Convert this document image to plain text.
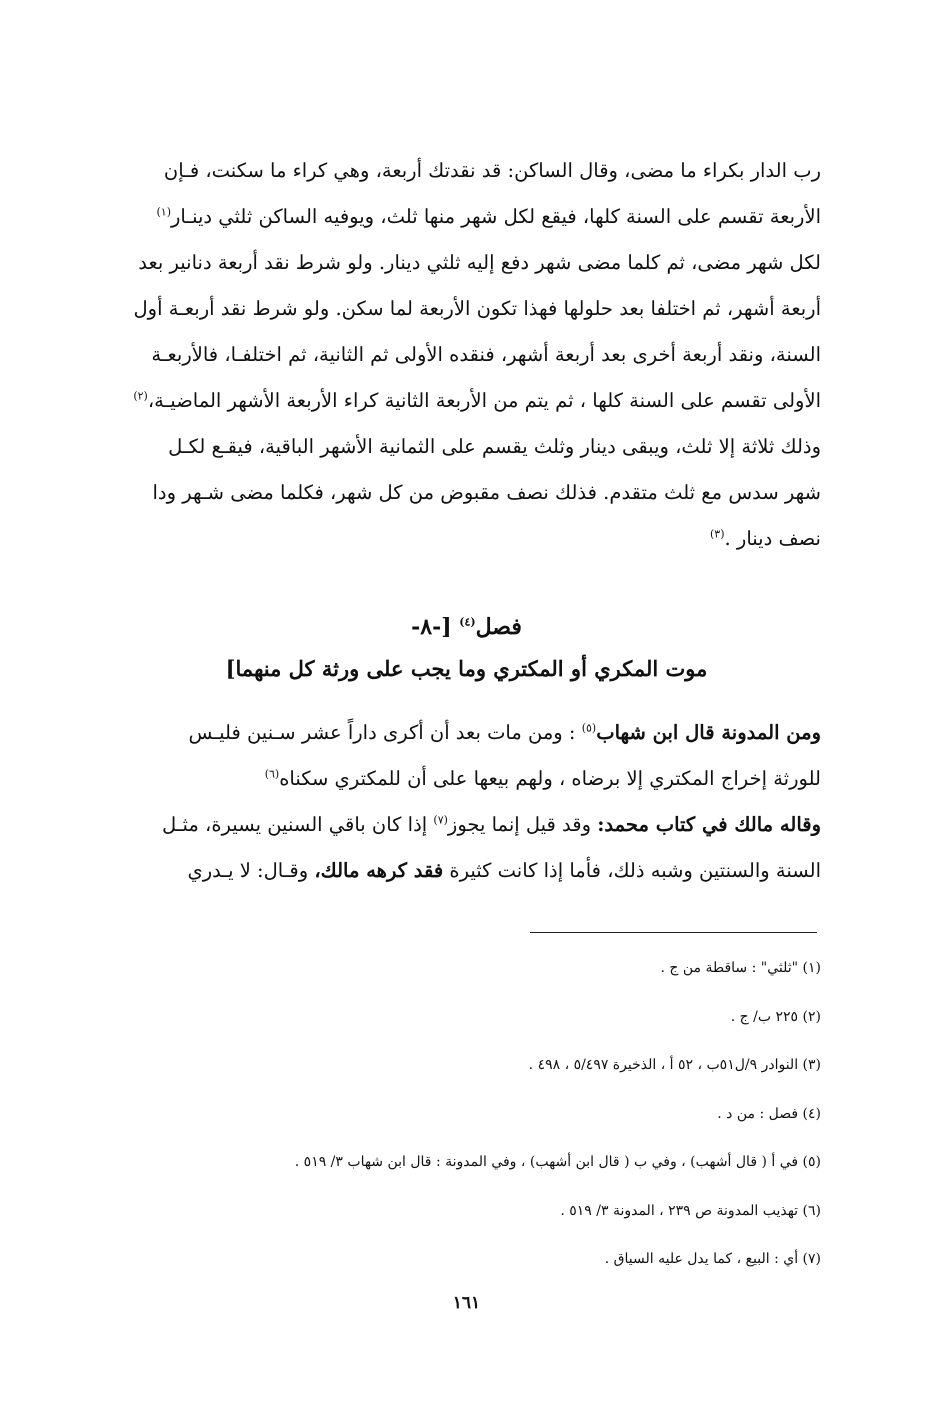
رب الدار بكراء ما مضى، وقال الساكن: قد نقدتك أربعة، وهي كراء ما سكنت، فـإن
الأربعة تقسم على السنة كلها، فيقع لكل شهر منها ثلث، ويوفيه الساكن ثلثي دينـار$^{(١)}$
لكل شهر مضى، ثم كلما مضى شهر دفع إليه ثلثي دينار. ولو شرط نقد أربعة دنانير بعد
أربعة أشهر، ثم اختلفا بعد حلولها فهذا تكون الأربعة لما سكن. ولو شرط نقد أربعـة أول
السنة، ونقد أربعة أخرى بعد أربعة أشهر، فنقده الأولى ثم الثانية، ثم اختلفـا، فالأربعـة
الأولى تقسم على السنة كلها ، ثم يتم من الأربعة الثانية كراء الأربعة الأشهر الماضيـة،$^{(٢)}$
وذلك ثلاثة إلا ثلث، ويبقى دينار وثلث يقسم على الثمانية الأشهر الباقية، فيقـع لكـل
شهر سدس مع ثلث متقدم. فذلك نصف مقبوض من كل شهر، فكلما مضى شـهر ودا
نصف دينار .$^{(٣)}$
فصل$^{(٤)}$ [-٨-
موت المكري أو المكتري وما يجب على ورثة كل منهما]
ومن المدونة قال ابن شهاب$^{(٥)}$ : ومن مات بعد أن أكرى داراً عشر سـنين فليـس
للورثة إخراج المكتري إلا برضاه ، ولهم بيعها على أن للمكتري سكناه$^{(٦)}$
وقاله مالك في كتاب محمد: وقد قيل إنما يجوز$^{(٧)}$ إذا كان باقي السنين يسيرة، مثـل
السنة والسنتين وشبه ذلك، فأما إذا كانت كثيرة فقد كرهه مالك، وقـال: لا يـدري
(١) "ثلثي" : ساقطة من ج .
(٢) ٢٢٥ ب/ ج .
(٣) النوادر ٩/ل٥١ب ، ٥٢ أ ، الذخيرة ٥/٤٩٧ ، ٤٩٨ .
(٤) فصل : من د .
(٥) في أ ( قال أشهب) ، وفي ب ( قال ابن أشهب) ، وفي المدونة : قال ابن شهاب ٣/ ٥١٩ .
(٦) تهذيب المدونة ص ٢٣٩ ، المدونة ٣/ ٥١٩ .
(٧) أي : البيع ، كما يدل عليه السياق .
١٦١
